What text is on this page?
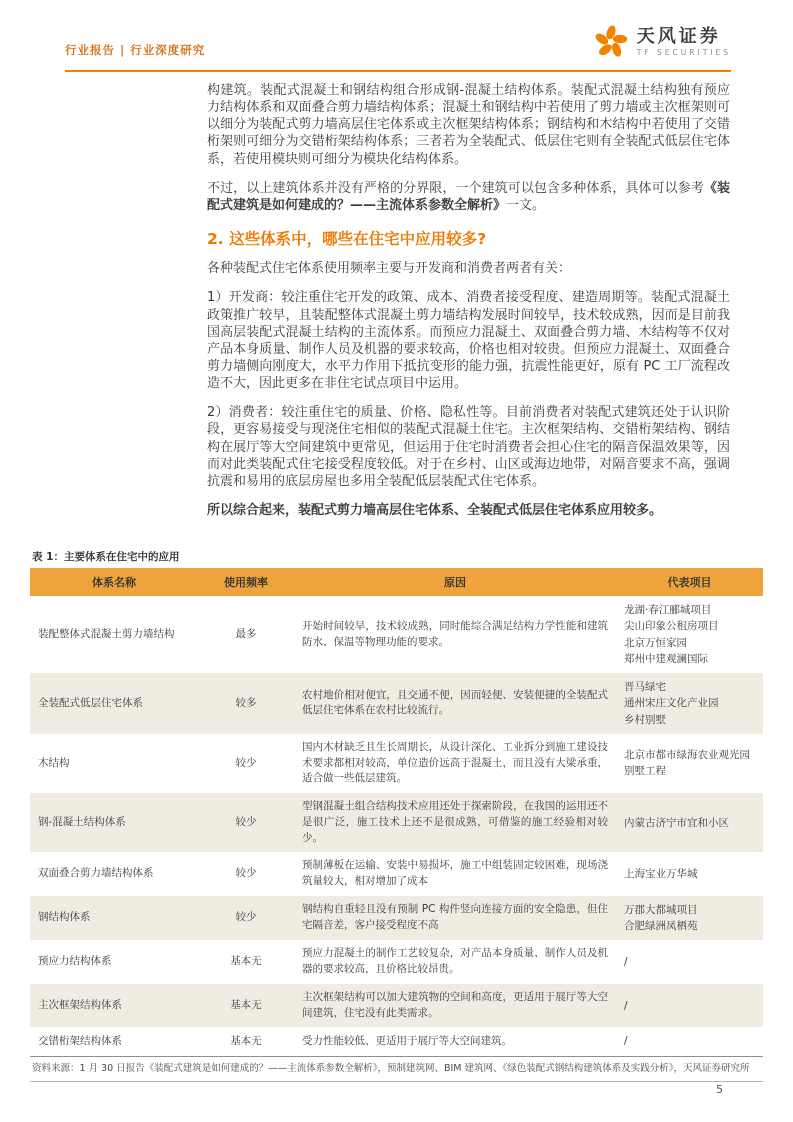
行业报告 | 行业深度研究
天风证券
TF SECURITIES

构建筑。装配式混凝土和钢结构组合形成钢-混凝土结构体系。装配式混凝土结构独有预应力结构体系和双面叠合剪力墙结构体系；混凝土和钢结构中若使用了剪力墙或主次框架则可以细分为装配式剪力墙高层住宅体系或主次框架结构体系；钢结构和木结构中若使用了交错桁架则可细分为交错桁架结构体系；三者若为全装配式、低层住宅则有全装配式低层住宅体系，若使用模块则可细分为模块化结构体系。

不过，以上建筑体系并没有严格的分界限，一个建筑可以包含多种体系，具体可以参考《装配式建筑是如何建成的？——主流体系参数全解析》一文。

2. 这些体系中，哪些在住宅中应用较多?

各种装配式住宅体系使用频率主要与开发商和消费者两者有关：

1）开发商：较注重住宅开发的政策、成本、消费者接受程度、建造周期等。装配式混凝土政策推广较早，且装配整体式混凝土剪力墙结构发展时间较早，技术较成熟，因而是目前我国高层装配式混凝土结构的主流体系。而预应力混凝土、双面叠合剪力墙、木结构等不仅对产品本身质量、制作人员及机器的要求较高，价格也相对较贵。但预应力混凝土、双面叠合剪力墙侧向刚度大，水平力作用下抵抗变形的能力强，抗震性能更好，原有 PC 工厂流程改造不大，因此更多在非住宅试点项目中运用。

2）消费者：较注重住宅的质量、价格、隐私性等。目前消费者对装配式建筑还处于认识阶段，更容易接受与现浇住宅相似的装配式混凝土住宅。主次框架结构、交错桁架结构、钢结构在展厅等大空间建筑中更常见，但运用于住宅时消费者会担心住宅的隔音保温效果等，因而对此类装配式住宅接受程度较低。对于在乡村、山区或海边地带，对隔音要求不高，强调抗震和易用的底层房屋也多用全装配低层装配式住宅体系。

所以综合起来，装配式剪力墙高层住宅体系、全装配式低层住宅体系应用较多。

表 1：主要体系在住宅中的应用
体系名称	使用频率	原因	代表项目
装配整体式混凝土剪力墙结构	最多	开始时间较早，技术较成熟，同时能综合满足结构力学性能和建筑防水、保温等物理功能的要求。	龙湖·春江郦城项目
尖山印象公租房项目
北京万恒家园
郑州中建观澜国际

全装配式低层住宅体系	较多	农村地价相对便宜，且交通不便，因而轻便、安装便捷的全装配式低层住宅体系在农村比较流行。	晋马绿宅
通州宋庄文化产业园
乡村别墅

木结构	较少	国内木材缺乏且生长周期长，从设计深化、工业拆分到施工建设技术要求都相对较高，单位造价远高于混凝土，而且没有大梁承重，适合做一些低层建筑。	北京市都市绿海农业观光园别墅工程

钢-混凝土结构体系	较少	型钢混凝土组合结构技术应用还处于探索阶段，在我国的运用还不是很广泛，施工技术上还不是很成熟，可借鉴的施工经验相对较少。	内蒙古济宁市宜和小区

双面叠合剪力墙结构体系	较少	预制薄板在运输、安装中易损坏，施工中组装固定较困难，现场浇筑量较大，相对增加了成本	上海宝业万华城

钢结构体系	较少	钢结构自重轻且没有预制 PC 构件竖向连接方面的安全隐患，但住宅隔音差，客户接受程度不高	万郡大都城项目
合肥绿洲凤栖苑

预应力结构体系	基本无	预应力混凝土的制作工艺较复杂，对产品本身质量、制作人员及机器的要求较高，且价格比较昂贵。	/

主次框架结构体系	基本无	主次框架结构可以加大建筑物的空间和高度，更适用于展厅等大空间建筑，住宅没有此类需求。	/

交错桁架结构体系	基本无	受力性能较低、更适用于展厅等大空间建筑。	/
资料来源：1 月 30 日报告《装配式建筑是如何建成的？——主流体系参数全解析》，预制建筑网、BIM 建筑网、《绿色装配式钢结构建筑体系及实践分析》，天风证券研究所
5
